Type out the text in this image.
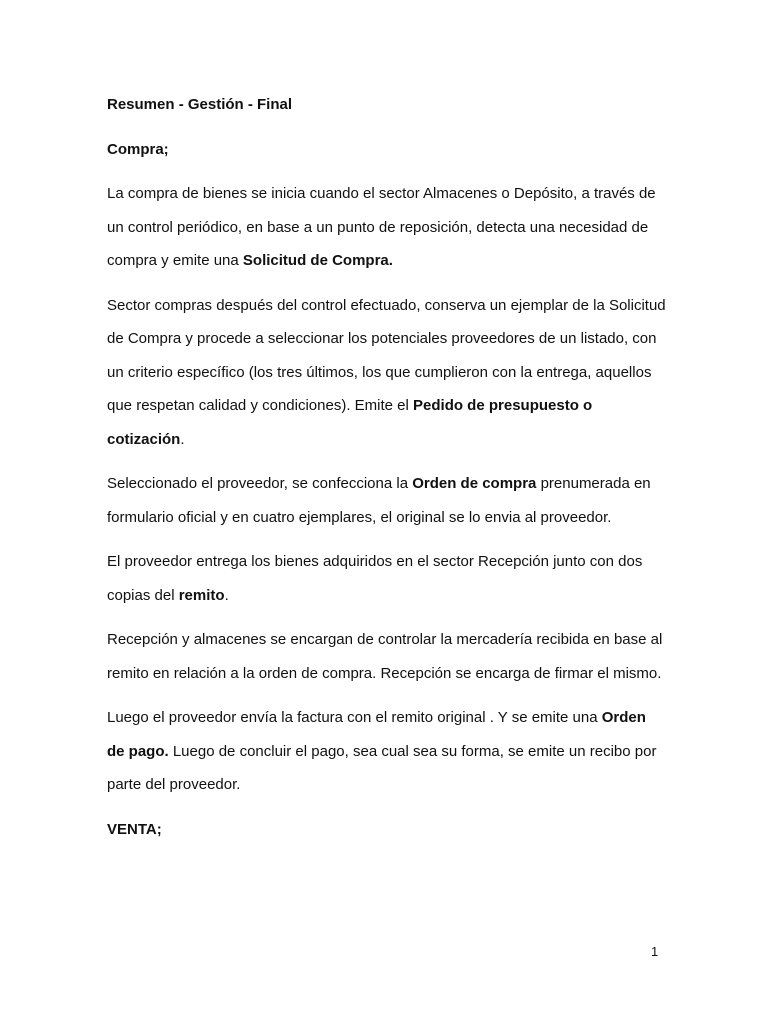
Resumen - Gestión - Final

Compra;

La compra de bienes se inicia cuando el sector Almacenes o Depósito, a través de un control periódico, en base a un punto de reposición, detecta una necesidad de compra y emite una Solicitud de Compra.

Sector compras después del control efectuado, conserva un ejemplar de la Solicitud de Compra y procede a seleccionar los potenciales proveedores de un listado, con un criterio específico (los tres últimos, los que cumplieron con la entrega, aquellos que respetan calidad y condiciones). Emite el Pedido de presupuesto o cotización.

Seleccionado el proveedor, se confecciona la Orden de compra prenumerada en formulario oficial y en cuatro ejemplares, el original se lo envia al proveedor.

El proveedor entrega los bienes adquiridos en el sector Recepción junto con dos copias del remito.

Recepción y almacenes se encargan de controlar la mercadería recibida en base al remito en relación a la orden de compra. Recepción se encarga de firmar el mismo.

Luego el proveedor envía la factura con el remito original . Y se emite una Orden de pago. Luego de concluir el pago, sea cual sea su forma, se emite un recibo por parte del proveedor.

VENTA;

1
